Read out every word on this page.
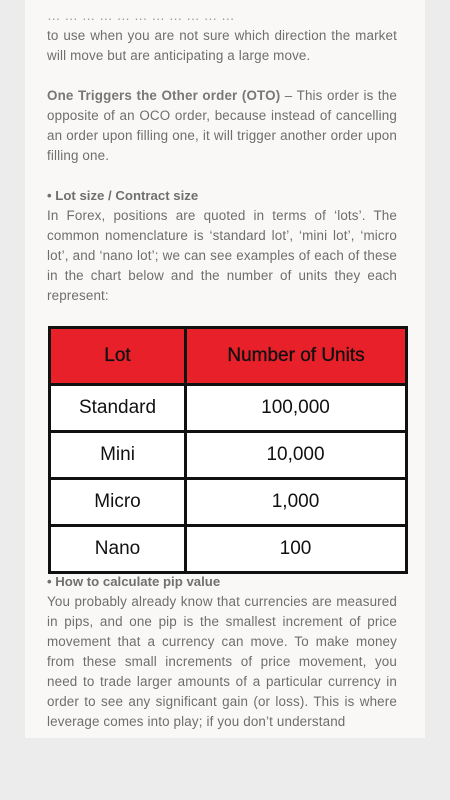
… … … … … … … … … … …
to use when you are not sure which direction the market will move but are anticipating a large move.
One Triggers the Other order (OTO) – This order is the opposite of an OCO order, because instead of cancelling an order upon filling one, it will trigger another order upon filling one.
• Lot size / Contract size
In Forex, positions are quoted in terms of ‘lots’. The common nomenclature is ‘standard lot’, ‘mini lot’, ‘micro lot’, and ‘nano lot’; we can see examples of each of these in the chart below and the number of units they each represent:
Lot	Number of Units
Standard	100,000
Mini	10,000
Micro	1,000
Nano	100
• How to calculate pip value
You probably already know that currencies are measured in pips, and one pip is the smallest increment of price movement that a currency can move. To make money from these small increments of price movement, you need to trade larger amounts of a particular currency in order to see any significant gain (or loss). This is where leverage comes into play; if you don’t understand
